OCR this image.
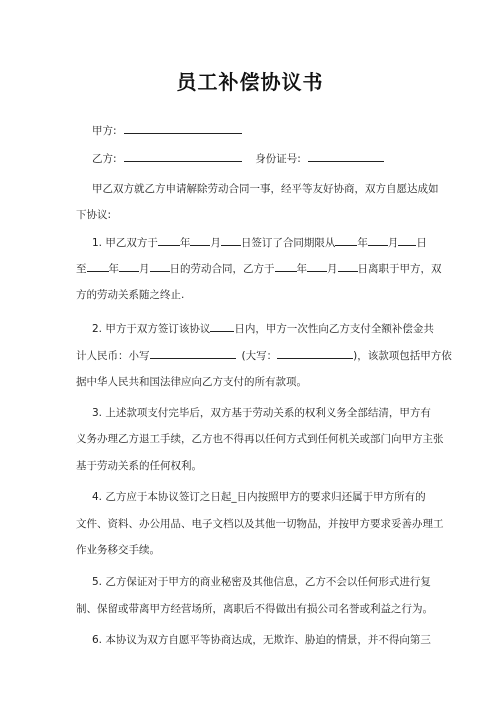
员工补偿协议书
甲方:
乙方:	身份证号:
甲乙双方就乙方申请解除劳动合同一事，经平等友好协商，双方自愿达成如
下协议:
1. 甲乙双方于 年 月 日签订了合同期限从 年 月 日
至 年 月 日的劳动合同，乙方于 年 月 日离职于甲方，双
方的劳动关系随之终止.
2. 甲方于双方签订该协议 日内，甲方一次性向乙方支付全额补偿金共
计人民币：小写	(大写：	)，该款项包括甲方依
据中华人民共和国法律应向乙方支付的所有款项。
3. 上述款项支付完毕后，双方基于劳动关系的权利义务全部结清，甲方有
义务办理乙方退工手续，乙方也不得再以任何方式到任何机关或部门向甲方主张
基于劳动关系的任何权利。
4. 乙方应于本协议签订之日起_日内按照甲方的要求归还属于甲方所有的
文件、资料、办公用品、电子文档以及其他一切物品，并按甲方要求妥善办理工
作业务移交手续。
5. 乙方保证对于甲方的商业秘密及其他信息，乙方不会以任何形式进行复
制、保留或带离甲方经营场所，离职后不得做出有损公司名誉或利益之行为。
6. 本协议为双方自愿平等协商达成，无欺诈、胁迫的情景，并不得向第三
